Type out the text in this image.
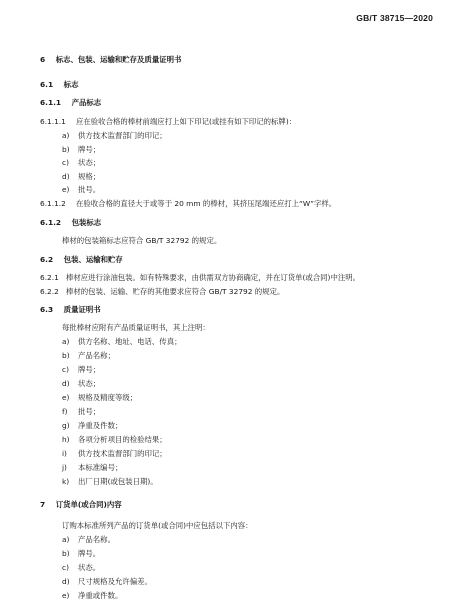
GB/T 38715—2020
6 标志、包装、运输和贮存及质量证明书
6.1 标志
6.1.1 产品标志
6.1.1.1 应在验收合格的棒材前端应打上如下印记(或挂有如下印记的标牌)：
a) 供方技术监督部门的印记；
b) 牌号；
c) 状态；
d) 规格；
e) 批号。
6.1.1.2 在验收合格的直径大于或等于 20 mm 的棒材，其挤压尾端还应打上“W”字样。
6.1.2 包装标志
棒材的包装箱标志应符合 GB/T 32792 的规定。
6.2 包装、运输和贮存
6.2.1 棒材应进行涂油包装。如有特殊要求，由供需双方协商确定，并在订货单(或合同)中注明。
6.2.2 棒材的包装、运输、贮存的其他要求应符合 GB/T 32792 的规定。
6.3 质量证明书
每批棒材应附有产品质量证明书，其上注明：
a) 供方名称、地址、电话、传真；
b) 产品名称；
c) 牌号；
d) 状态；
e) 规格及精度等级；
f) 批号；
g) 净重及件数；
h) 各项分析项目的检验结果；
i) 供方技术监督部门的印记；
j) 本标准编号；
k) 出厂日期(或包装日期)。
7 订货单(或合同)内容
订购本标准所列产品的订货单(或合同)中应包括以下内容：
a) 产品名称。
b) 牌号。
c) 状态。
d) 尺寸规格及允许偏差。
e) 净重或件数。
